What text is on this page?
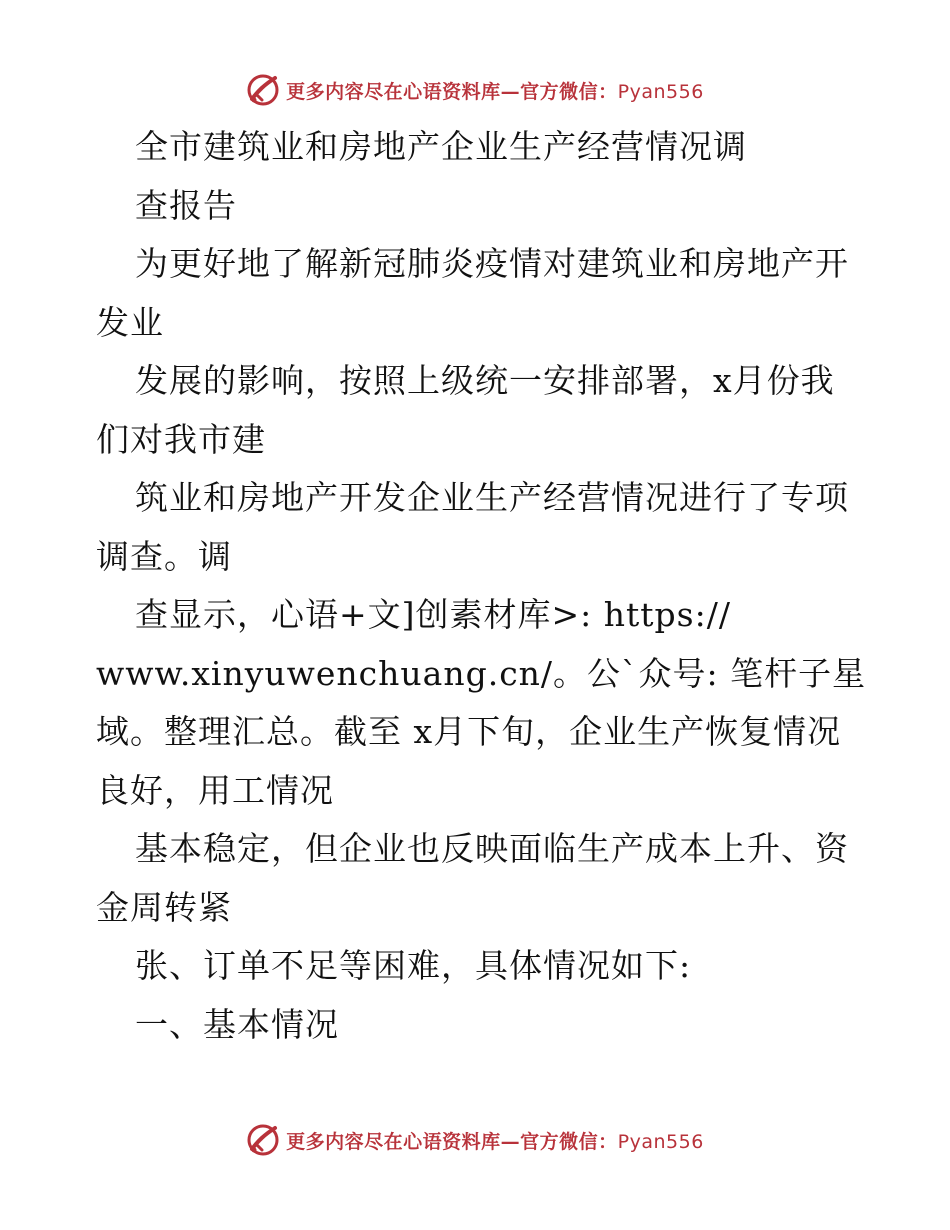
更多内容尽在心语资料库—官方微信：Pyan556
全市建筑业和房地产企业生产经营情况调
查报告
为更好地了解新冠肺炎疫情对建筑业和房地产开
发业
发展的影响，按照上级统一安排部署，x月份我
们对我市建
筑业和房地产开发企业生产经营情况进行了专项
调查。调
查显示，心语+文]创素材库>: https://
www.xinyuwenchuang.cn/。公`众号: 笔杆子星
域。整理汇总。截至 x月下旬，企业生产恢复情况
良好，用工情况
基本稳定，但企业也反映面临生产成本上升、资
金周转紧
张、订单不足等困难，具体情况如下:
一、基本情况
更多内容尽在心语资料库—官方微信：Pyan556
